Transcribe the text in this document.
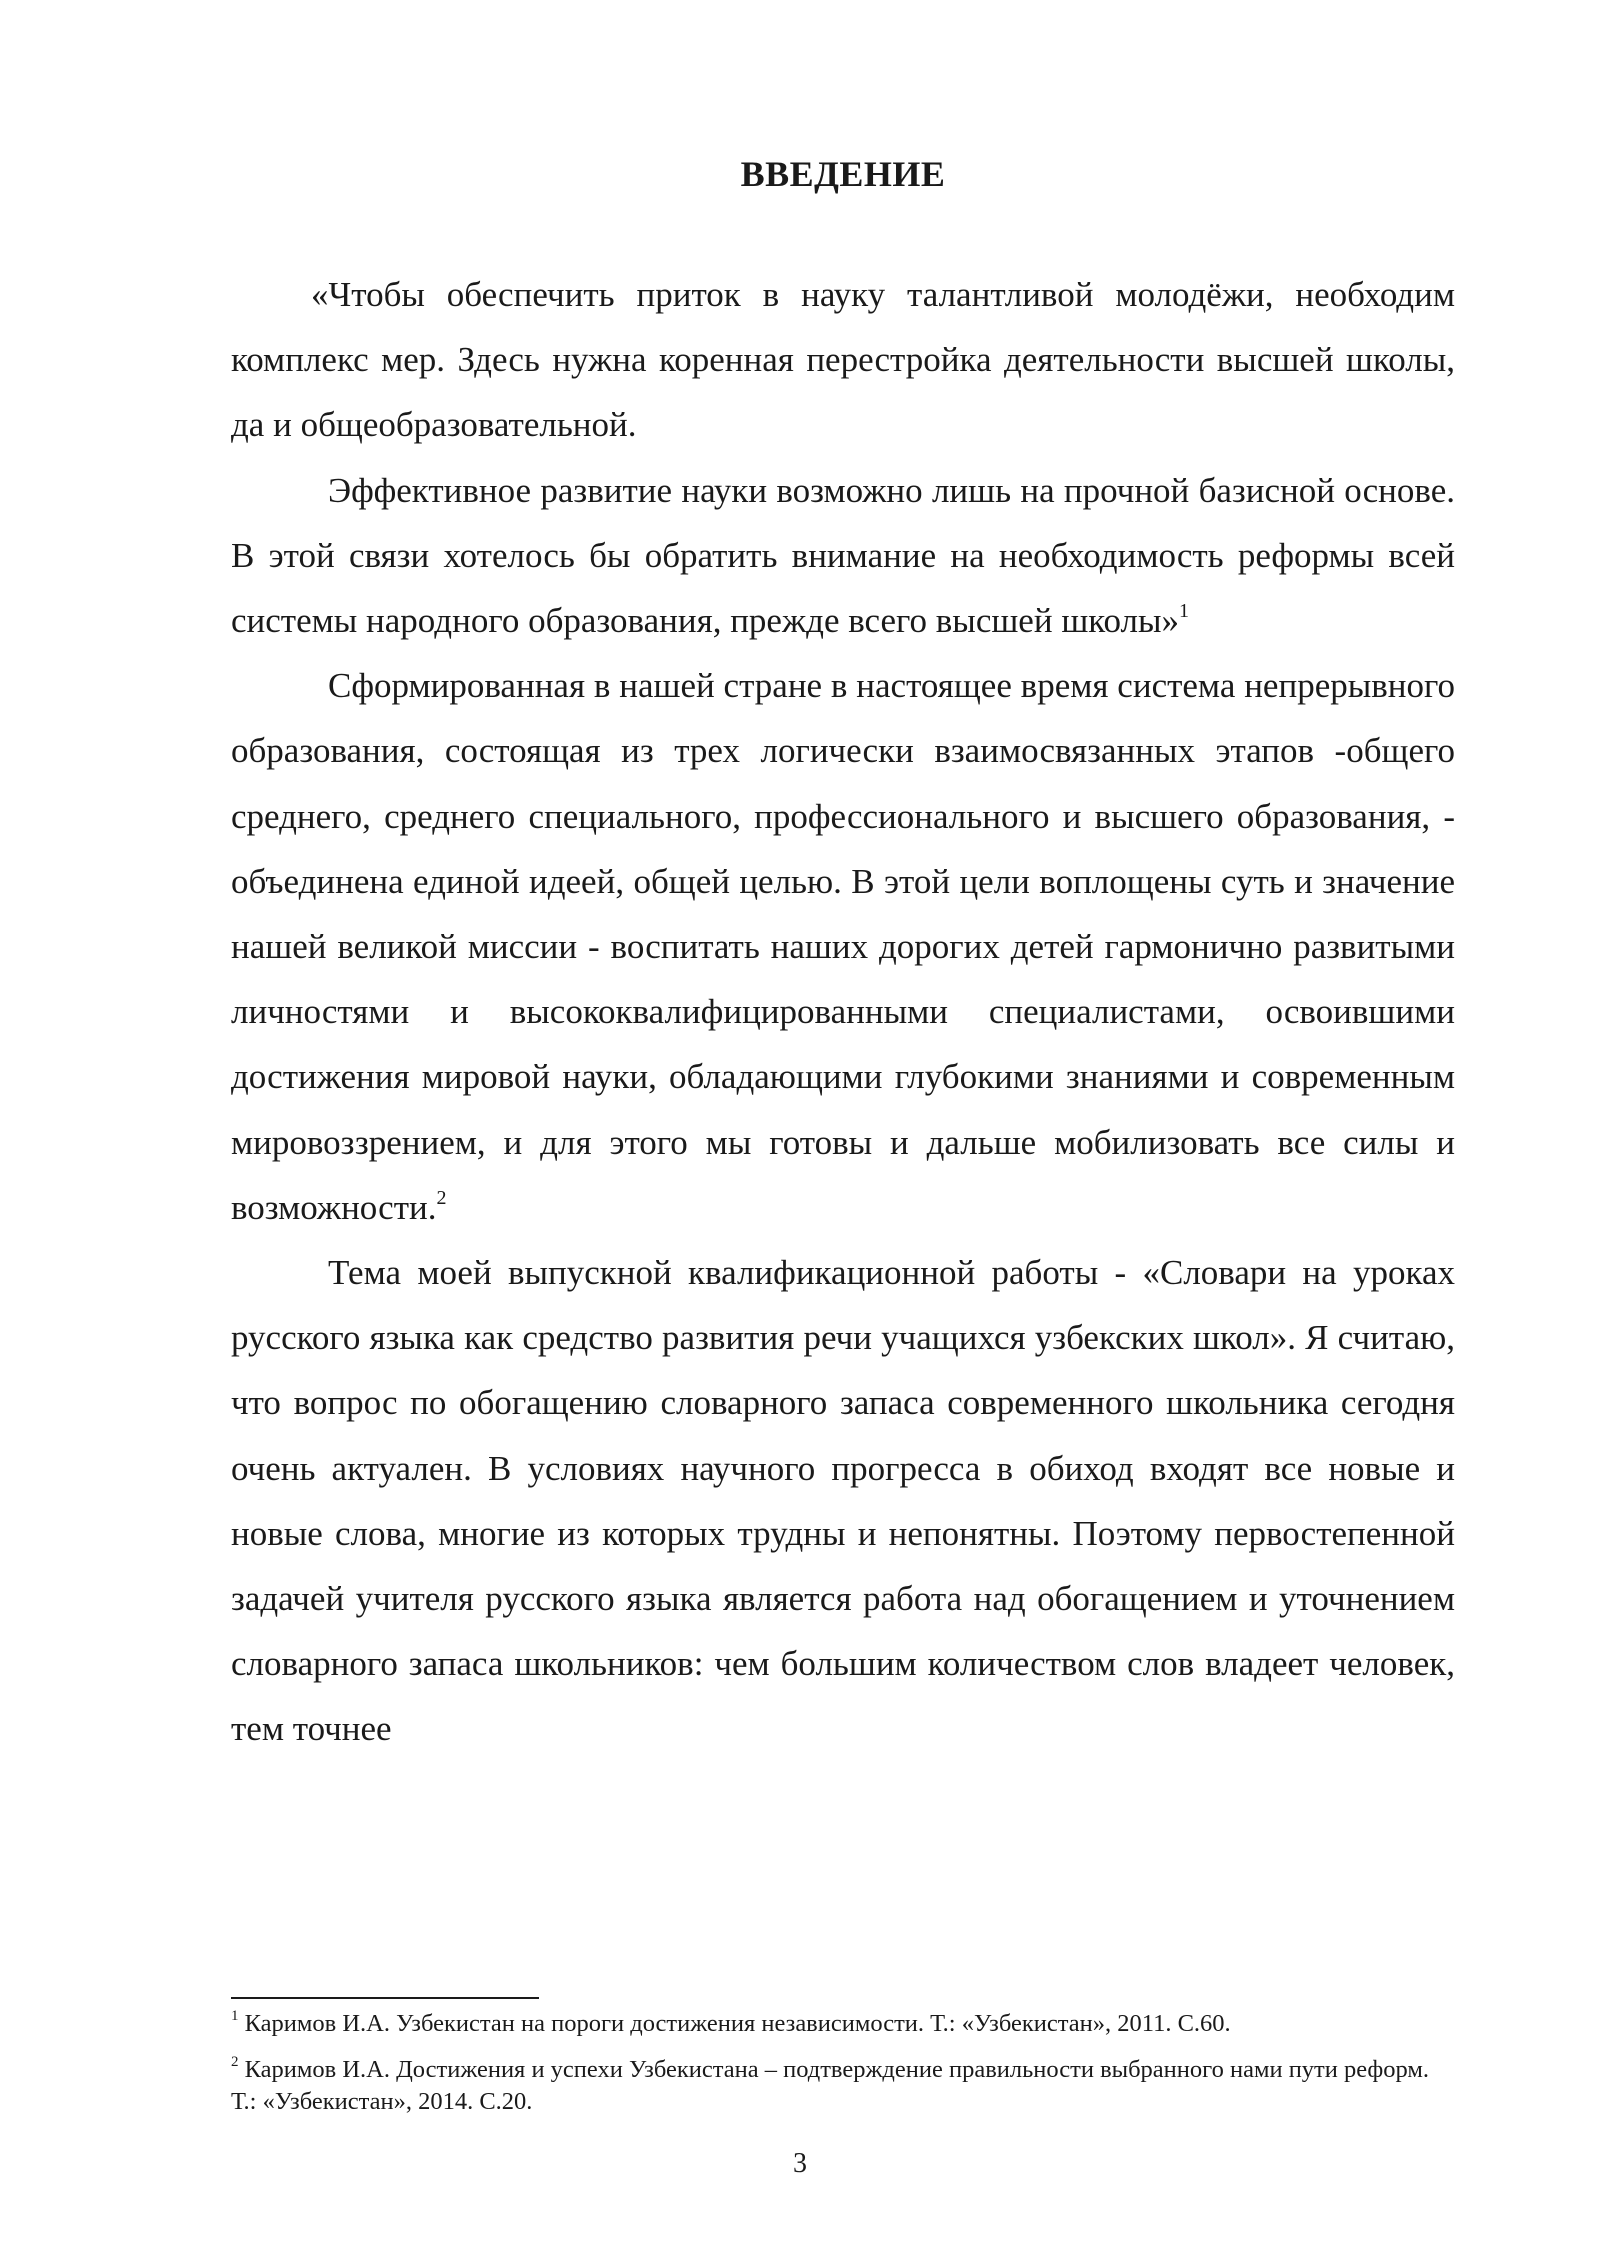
ВВЕДЕНИЕ

«Чтобы обеспечить приток в науку талантливой молодёжи, необходим комплекс мер. Здесь нужна коренная перестройка деятельности высшей школы, да и общеобразовательной.

Эффективное развитие науки возможно лишь на прочной базисной основе. В этой связи хотелось бы обратить внимание на необходимость реформы всей системы народного образования, прежде всего высшей школы»$^1$

Сформированная в нашей стране в настоящее время система непрерывного образования, состоящая из трех логически взаимосвязанных этапов -общего среднего, среднего специального, профессионального и высшего образования, - объединена единой идеей, общей целью. В этой цели воплощены суть и значение нашей великой миссии - воспитать наших дорогих детей гармонично развитыми личностями и высококвалифицированными специалистами, освоившими достижения мировой науки, обладающими глубокими знаниями и современным мировоззрением, и для этого мы готовы и дальше мобилизовать все силы и возможности.$^2$

Тема моей выпускной квалификационной работы - «Словари на уроках русского языка как средство развития речи учащихся узбекских школ». Я считаю, что вопрос по обогащению словарного запаса современного школьника сегодня очень актуален. В условиях научного прогресса в обиход входят все новые и новые слова, многие из которых трудны и непонятны. Поэтому первостепенной задачей учителя русского языка является работа над обогащением и уточнением словарного запаса школьников: чем большим количеством слов владеет человек, тем точнее

$^1$ Каримов И.А. Узбекистан на пороги достижения независимости. Т.: «Узбекистан», 2011. С.60.

$^2$ Каримов И.А. Достижения и успехи Узбекистана – подтверждение правильности выбранного нами пути реформ. Т.: «Узбекистан», 2014. С.20.

3
